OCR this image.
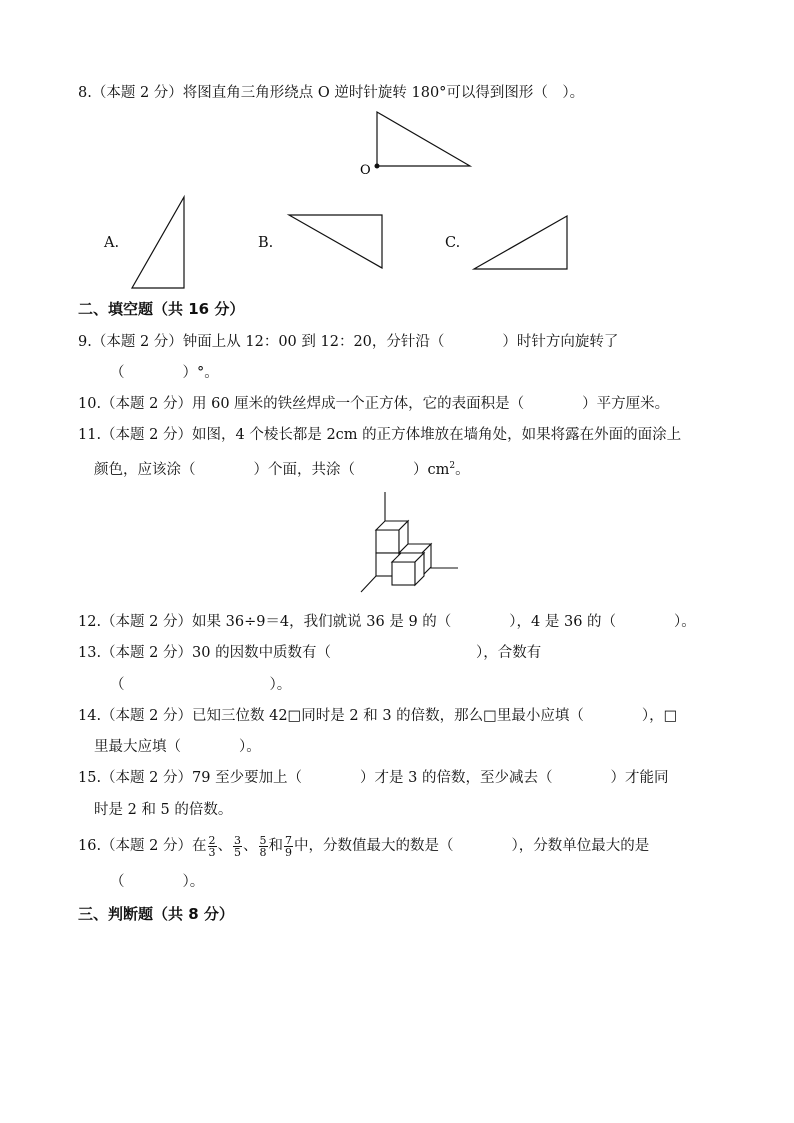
8.（本题 2 分）将图直角三角形绕点 O 逆时针旋转 180°可以得到图形（　）。
O
A.	B.	C.
二、填空题（共 16 分）
9.（本题 2 分）钟面上从 12：00 到 12：20，分针沿（　　　　）时针方向旋转了
（　　　　）°。
10.（本题 2 分）用 60 厘米的铁丝焊成一个正方体，它的表面积是（　　　　）平方厘米。
11.（本题 2 分）如图，4 个棱长都是 2cm 的正方体堆放在墙角处，如果将露在外面的面涂上
颜色，应该涂（　　　　）个面，共涂（　　　　）$cm^2$。
12.（本题 2 分）如果 36÷9＝4，我们就说 36 是 9 的（　　　　），4 是 36 的（　　　　）。
13.（本题 2 分）30 的因数中质数有（　　　　　　　　　　），合数有
（　　　　　　　　　　）。
14.（本题 2 分）已知三位数 42□同时是 2 和 3 的倍数，那么□里最小应填（　　　　），□
里最大应填（　　　　）。
15.（本题 2 分）79 至少要加上（　　　　）才是 3 的倍数，至少减去（　　　　）才能同
时是 2 和 5 的倍数。
16.（本题 2 分）在 $\frac{2}{3}$ 、 $\frac{3}{5}$ 、 $\frac{5}{8}$ 和 $\frac{7}{9}$ 中，分数值最大的数是（　　　　），分数单位最大的是
（　　　　）。
三、判断题（共 8 分）
